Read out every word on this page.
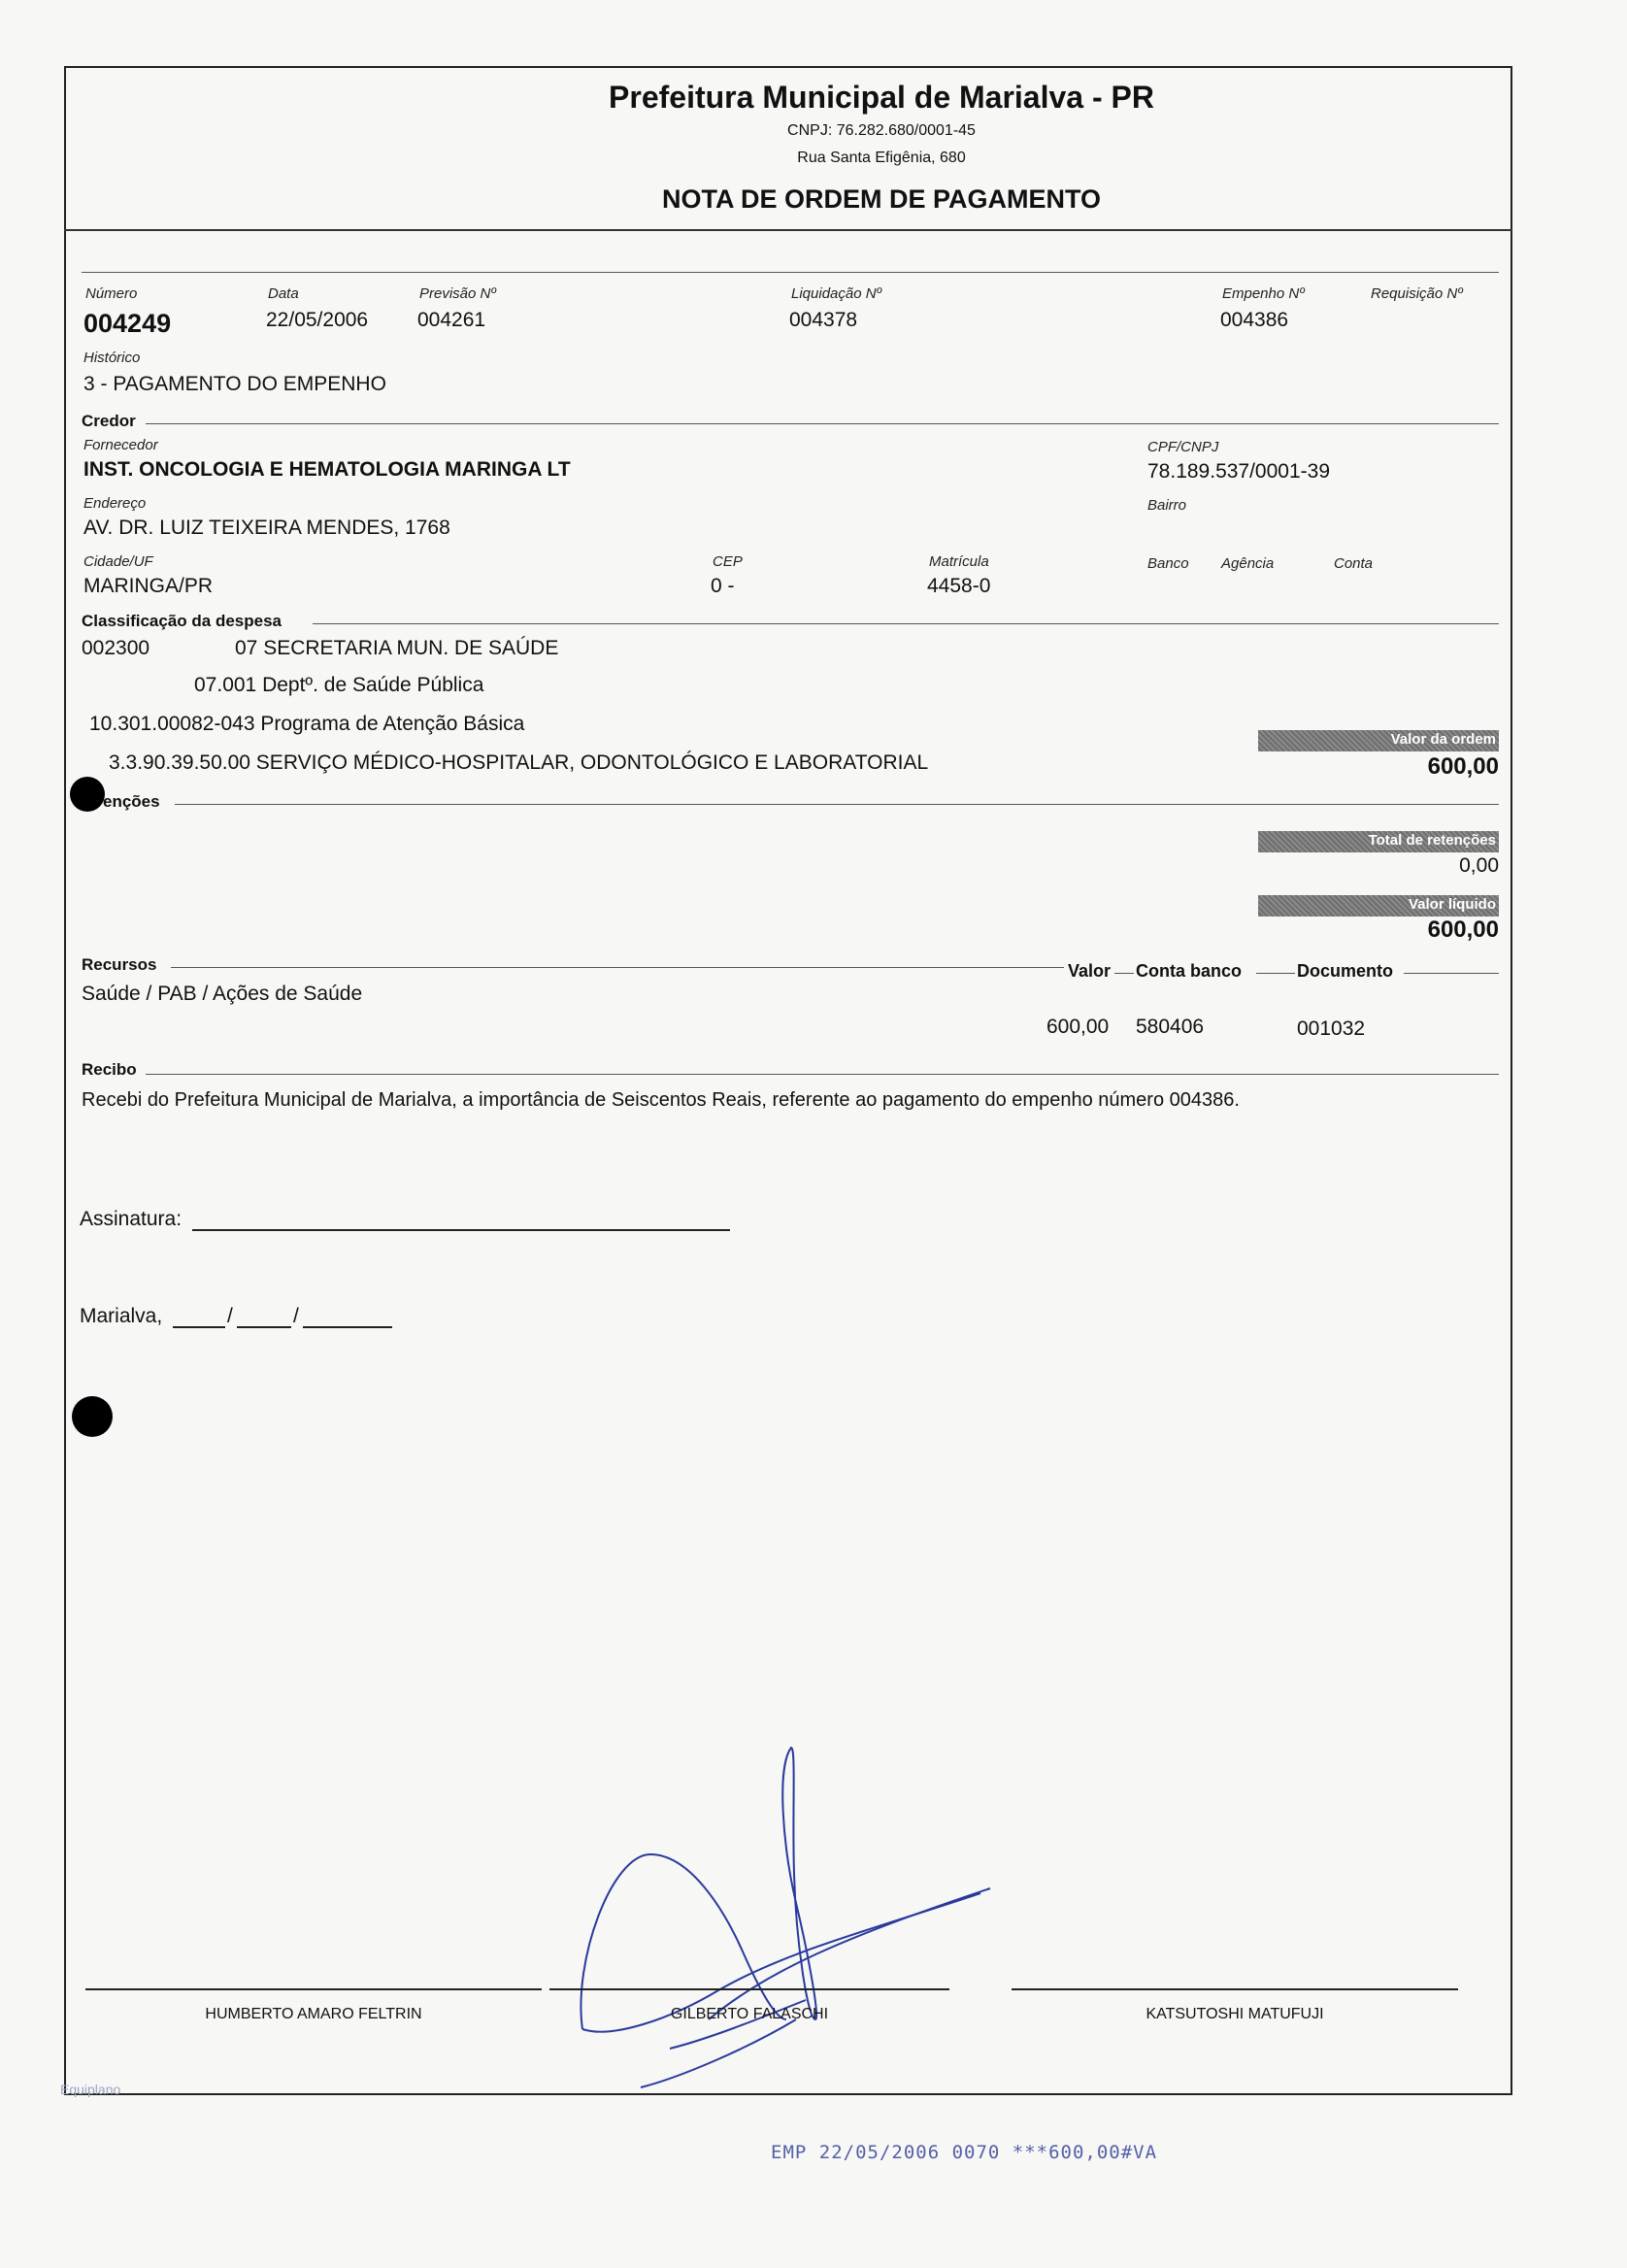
Prefeitura Municipal de Marialva - PR
CNPJ: 76.282.680/0001-45
Rua Santa Efigênia, 680
NOTA DE ORDEM DE PAGAMENTO
Número
004249
Data
22/05/2006
Previsão Nº
004261
Liquidação Nº
004378
Empenho Nº
004386
Requisição Nº
Histórico
3 - PAGAMENTO DO EMPENHO
Credor
Fornecedor
INST. ONCOLOGIA E HEMATOLOGIA MARINGA LT
CPF/CNPJ
78.189.537/0001-39
Endereço
AV. DR. LUIZ TEIXEIRA MENDES, 1768
Bairro
Cidade/UF
MARINGA/PR
CEP
0 -
Matrícula
4458-0
Banco Agência	Conta
Classificação da despesa
002300	07 SECRETARIA MUN. DE SAÚDE
07.001 Deptº. de Saúde Pública
10.301.00082-043 Programa de Atenção Básica
3.3.90.39.50.00 SERVIÇO MÉDICO-HOSPITALAR, ODONTOLÓGICO E LABORATORIAL
Valor da ordem
600,00
enções
Total de retenções
0,00
Valor líquido
600,00
Recursos
Saúde / PAB / Ações de Saúde
Valor Conta banco	Documento
600,00 580406	001032
Recibo
Recebi do Prefeitura Municipal de Marialva, a importância de Seiscentos Reais, referente ao pagamento do empenho número 004386.
Assinatura:
Marialva,	/	/
HUMBERTO AMARO FELTRIN	GILBERTO FALASCHI	KATSUTOSHI MATUFUJI
Equiplano
EMP 22/05/2006 0070 ***600,00#VA
